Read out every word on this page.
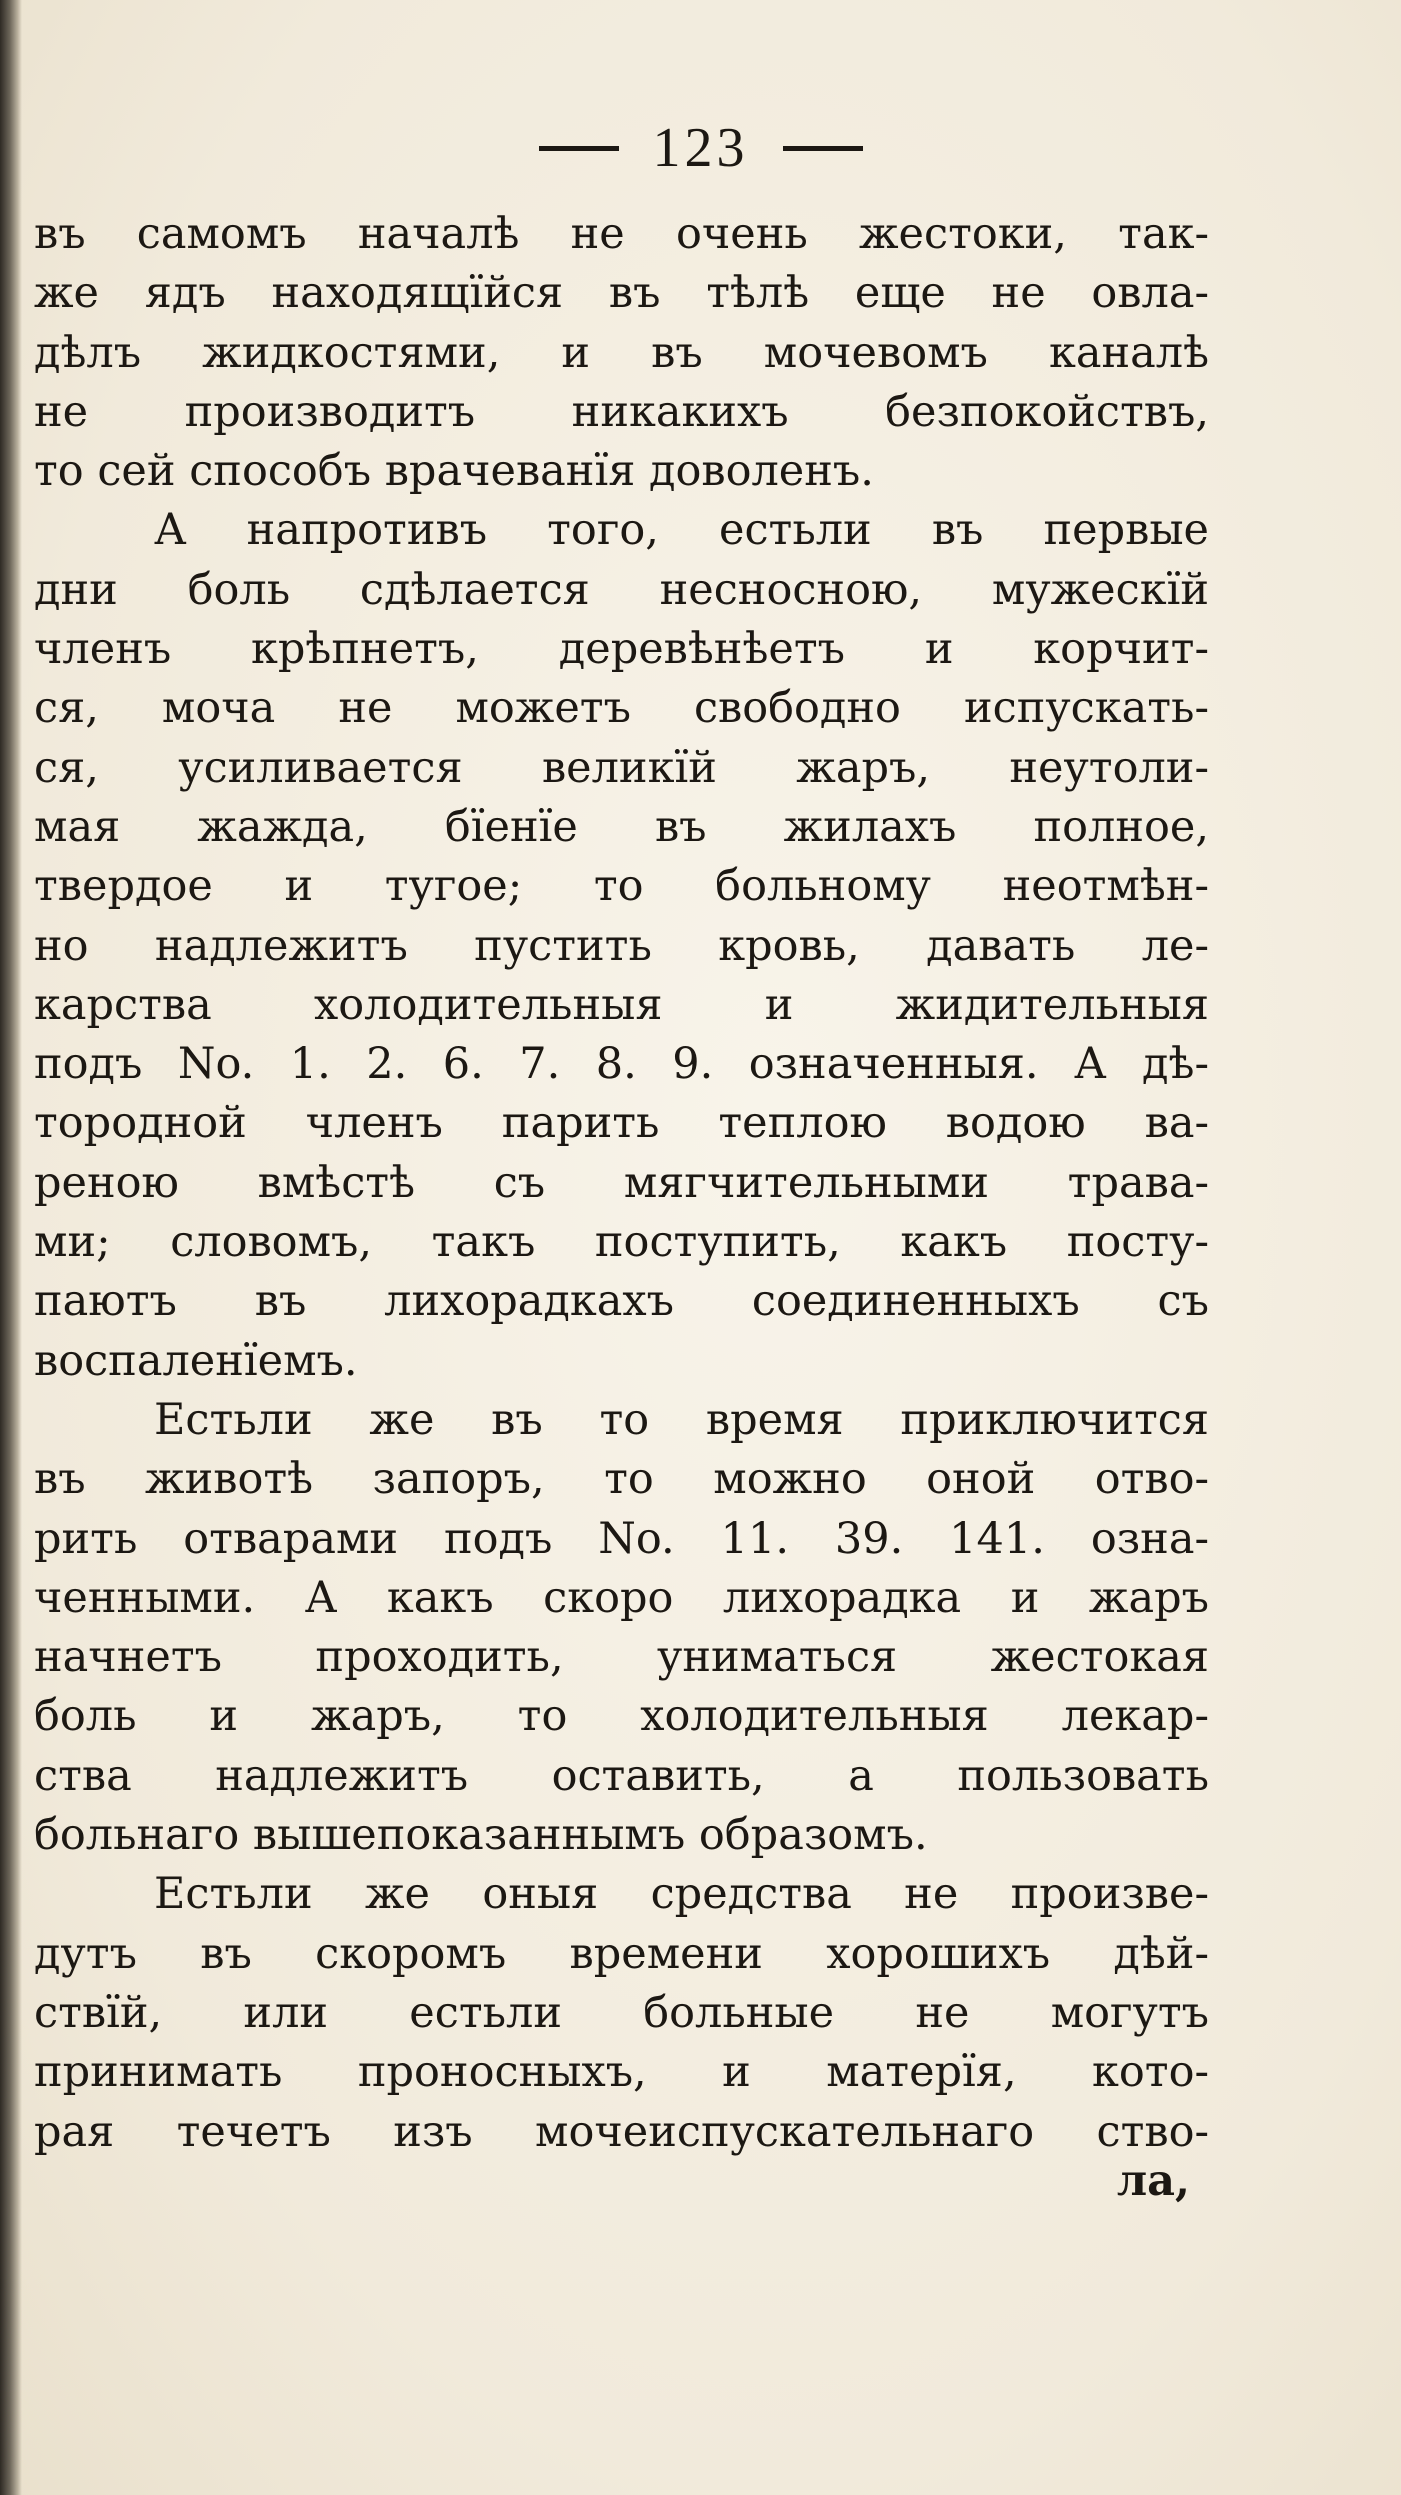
123
въ самомъ началѣ не очень жестоки, так-
же ядъ находящїйся въ тѣлѣ еще не овла-
дѣлъ жидкостями, и въ мочевомъ каналѣ
не производитъ никакихъ безпокойствъ,
то сей способъ врачеванїя доволенъ.
А напротивъ того, естьли въ первые
дни боль сдѣлается несносною, мужескїй
членъ крѣпнетъ, деревѣнѣетъ и корчит-
ся, моча не можетъ свободно испускать-
ся, усиливается великїй жаръ, неутоли-
мая жажда, бїенїе въ жилахъ полное,
твердое и тугое; то больному неотмѣн-
но надлежитъ пустить кровь, давать ле-
карства холодительныя и жидительныя
подъ No. 1. 2. 6. 7. 8. 9. означенныя. А дѣ-
тородной членъ парить теплою водою ва-
реною вмѣстѣ съ мягчительными трава-
ми; словомъ, такъ поступить, какъ посту-
паютъ въ лихорадкахъ соединенныхъ съ
воспаленїемъ.
Естьли же въ то время приключится
въ животѣ запоръ, то можно оной отво-
рить отварами подъ No. 11. 39. 141. озна-
ченными. А какъ скоро лихорадка и жаръ
начнетъ проходить, униматься жестокая
боль и жаръ, то холодительныя лекар-
ства надлежитъ оставить, а пользовать
больнаго вышепоказаннымъ образомъ.
Естьли же оныя средства не произве-
дутъ въ скоромъ времени хорошихъ дѣй-
ствїй, или естьли больные не могутъ
принимать проносныхъ, и матерїя, кото-
рая течетъ изъ мочеиспускательнаго ство-
ла,
